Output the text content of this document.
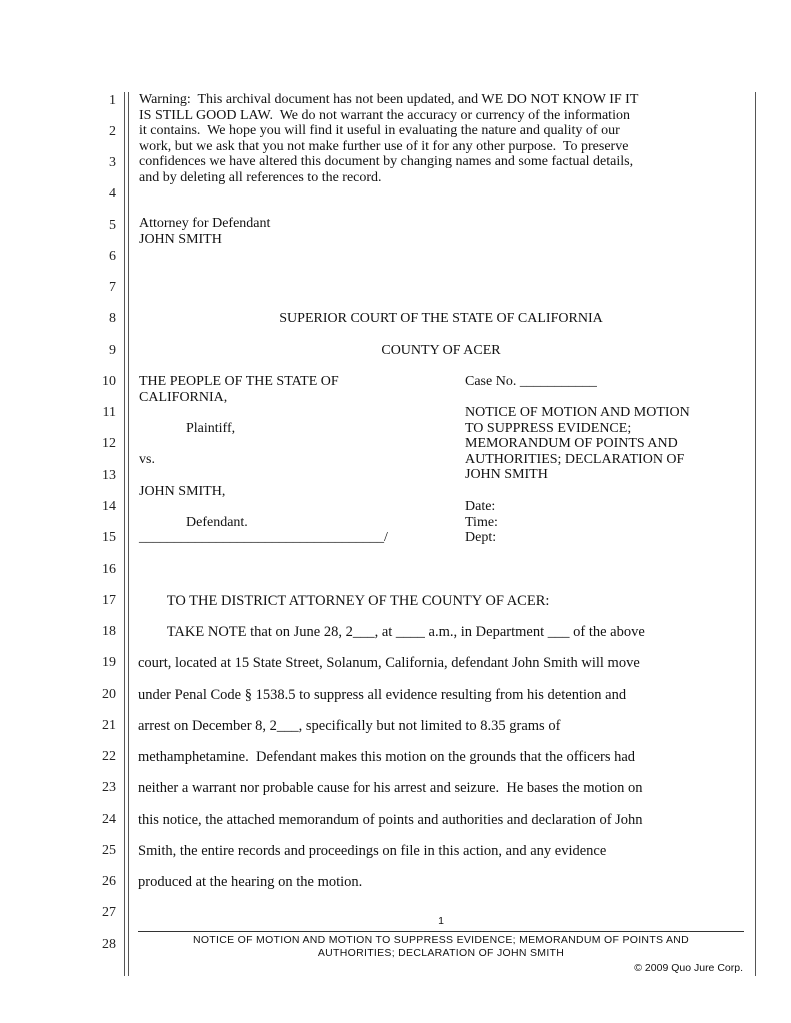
1
2
3
4
5
6
7
8
9
10
11
12
13
14
15
16
17
18
19
20
21
22
23
24
25
26
27
28
Warning:  This archival document has not been updated, and WE DO NOT KNOW IF IT
IS STILL GOOD LAW.  We do not warrant the accuracy or currency of the information
it contains.  We hope you will find it useful in evaluating the nature and quality of our
work, but we ask that you not make further use of it for any other purpose.  To preserve
confidences we have altered this document by changing names and some factual details,
and by deleting all references to the record.
Attorney for Defendant
JOHN SMITH
SUPERIOR COURT OF THE STATE OF CALIFORNIA
COUNTY OF ACER
THE PEOPLE OF THE STATE OF
CALIFORNIA,
Plaintiff,
vs.
JOHN SMITH,
Defendant.
___________________________________/
Case No. ___________
NOTICE OF MOTION AND MOTION
TO SUPPRESS EVIDENCE;
MEMORANDUM OF POINTS AND
AUTHORITIES; DECLARATION OF
JOHN SMITH
Date:
Time:
Dept:
TO THE DISTRICT ATTORNEY OF THE COUNTY OF ACER:
TAKE NOTE that on June 28, 2___, at ____ a.m., in Department ___ of the above
court, located at 15 State Street, Solanum, California, defendant John Smith will move
under Penal Code § 1538.5 to suppress all evidence resulting from his detention and
arrest on December 8, 2___, specifically but not limited to 8.35 grams of
methamphetamine.  Defendant makes this motion on the grounds that the officers had
neither a warrant nor probable cause for his arrest and seizure.  He bases the motion on
this notice, the attached memorandum of points and authorities and declaration of John
Smith, the entire records and proceedings on file in this action, and any evidence
produced at the hearing on the motion.
1
NOTICE OF MOTION AND MOTION TO SUPPRESS EVIDENCE; MEMORANDUM OF POINTS AND
AUTHORITIES; DECLARATION OF JOHN SMITH
© 2009 Quo Jure Corp.
